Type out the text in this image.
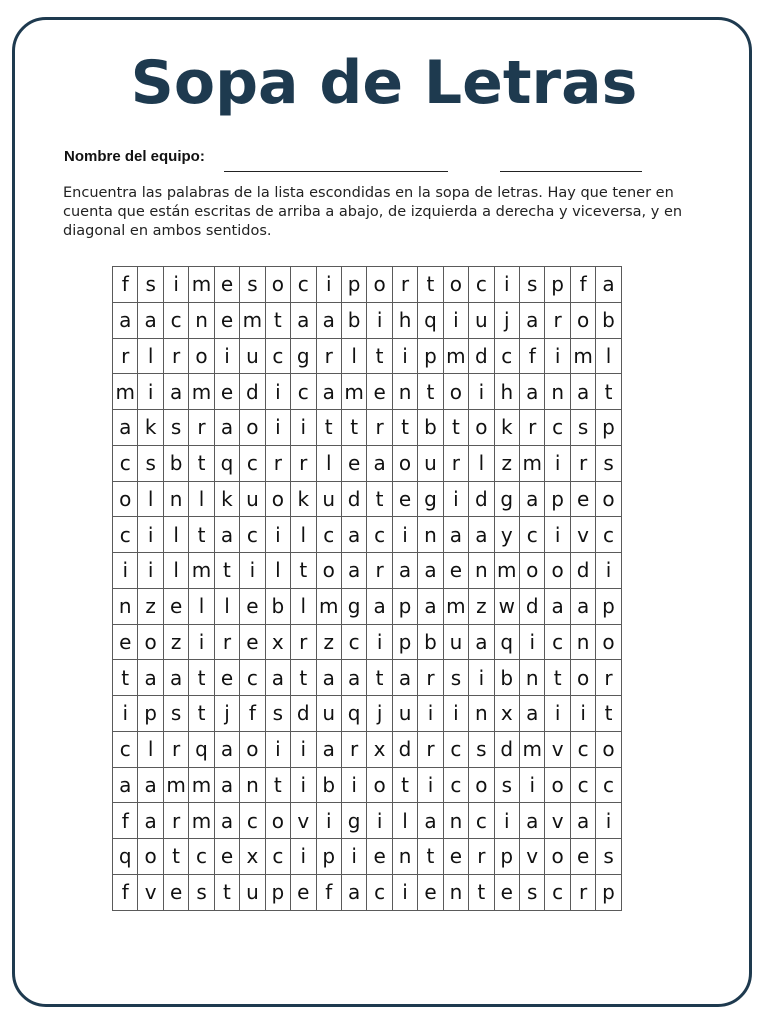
Sopa de Letras
Nombre del equipo:

Encuentra las palabras de la lista escondidas en la sopa de letras. Hay que tener en cuenta que están escritas de arriba a abajo, de izquierda a derecha y viceversa, y en diagonal en ambos sentidos.

f	s	i	m	e	s	o	c	i	p	o	r	t	o	c	i	s	p	f	a
a	a	c	n	e	m	t	a	a	b	i	h	q	i	u	j	a	r	o	b
r	l	r	o	i	u	c	g	r	l	t	i	p	m	d	c	f	i	m	l
m	i	a	m	e	d	i	c	a	m	e	n	t	o	i	h	a	n	a	t
a	k	s	r	a	o	i	i	t	t	r	t	b	t	o	k	r	c	s	p
c	s	b	t	q	c	r	r	l	e	a	o	u	r	l	z	m	i	r	s
o	l	n	l	k	u	o	k	u	d	t	e	g	i	d	g	a	p	e	o
c	i	l	t	a	c	i	l	c	a	c	i	n	a	a	y	c	i	v	c
i	i	l	m	t	i	l	t	o	a	r	a	a	e	n	m	o	o	d	i
n	z	e	l	l	e	b	l	m	g	a	p	a	m	z	w	d	a	a	p
e	o	z	i	r	e	x	r	z	c	i	p	b	u	a	q	i	c	n	o
t	a	a	t	e	c	a	t	a	a	t	a	r	s	i	b	n	t	o	r
i	p	s	t	j	f	s	d	u	q	j	u	i	i	n	x	a	i	i	t
c	l	r	q	a	o	i	i	a	r	x	d	r	c	s	d	m	v	c	o
a	a	m	m	a	n	t	i	b	i	o	t	i	c	o	s	i	o	c	c
f	a	r	m	a	c	o	v	i	g	i	l	a	n	c	i	a	v	a	i
q	o	t	c	e	x	c	i	p	i	e	n	t	e	r	p	v	o	e	s
f	v	e	s	t	u	p	e	f	a	c	i	e	n	t	e	s	c	r	p
